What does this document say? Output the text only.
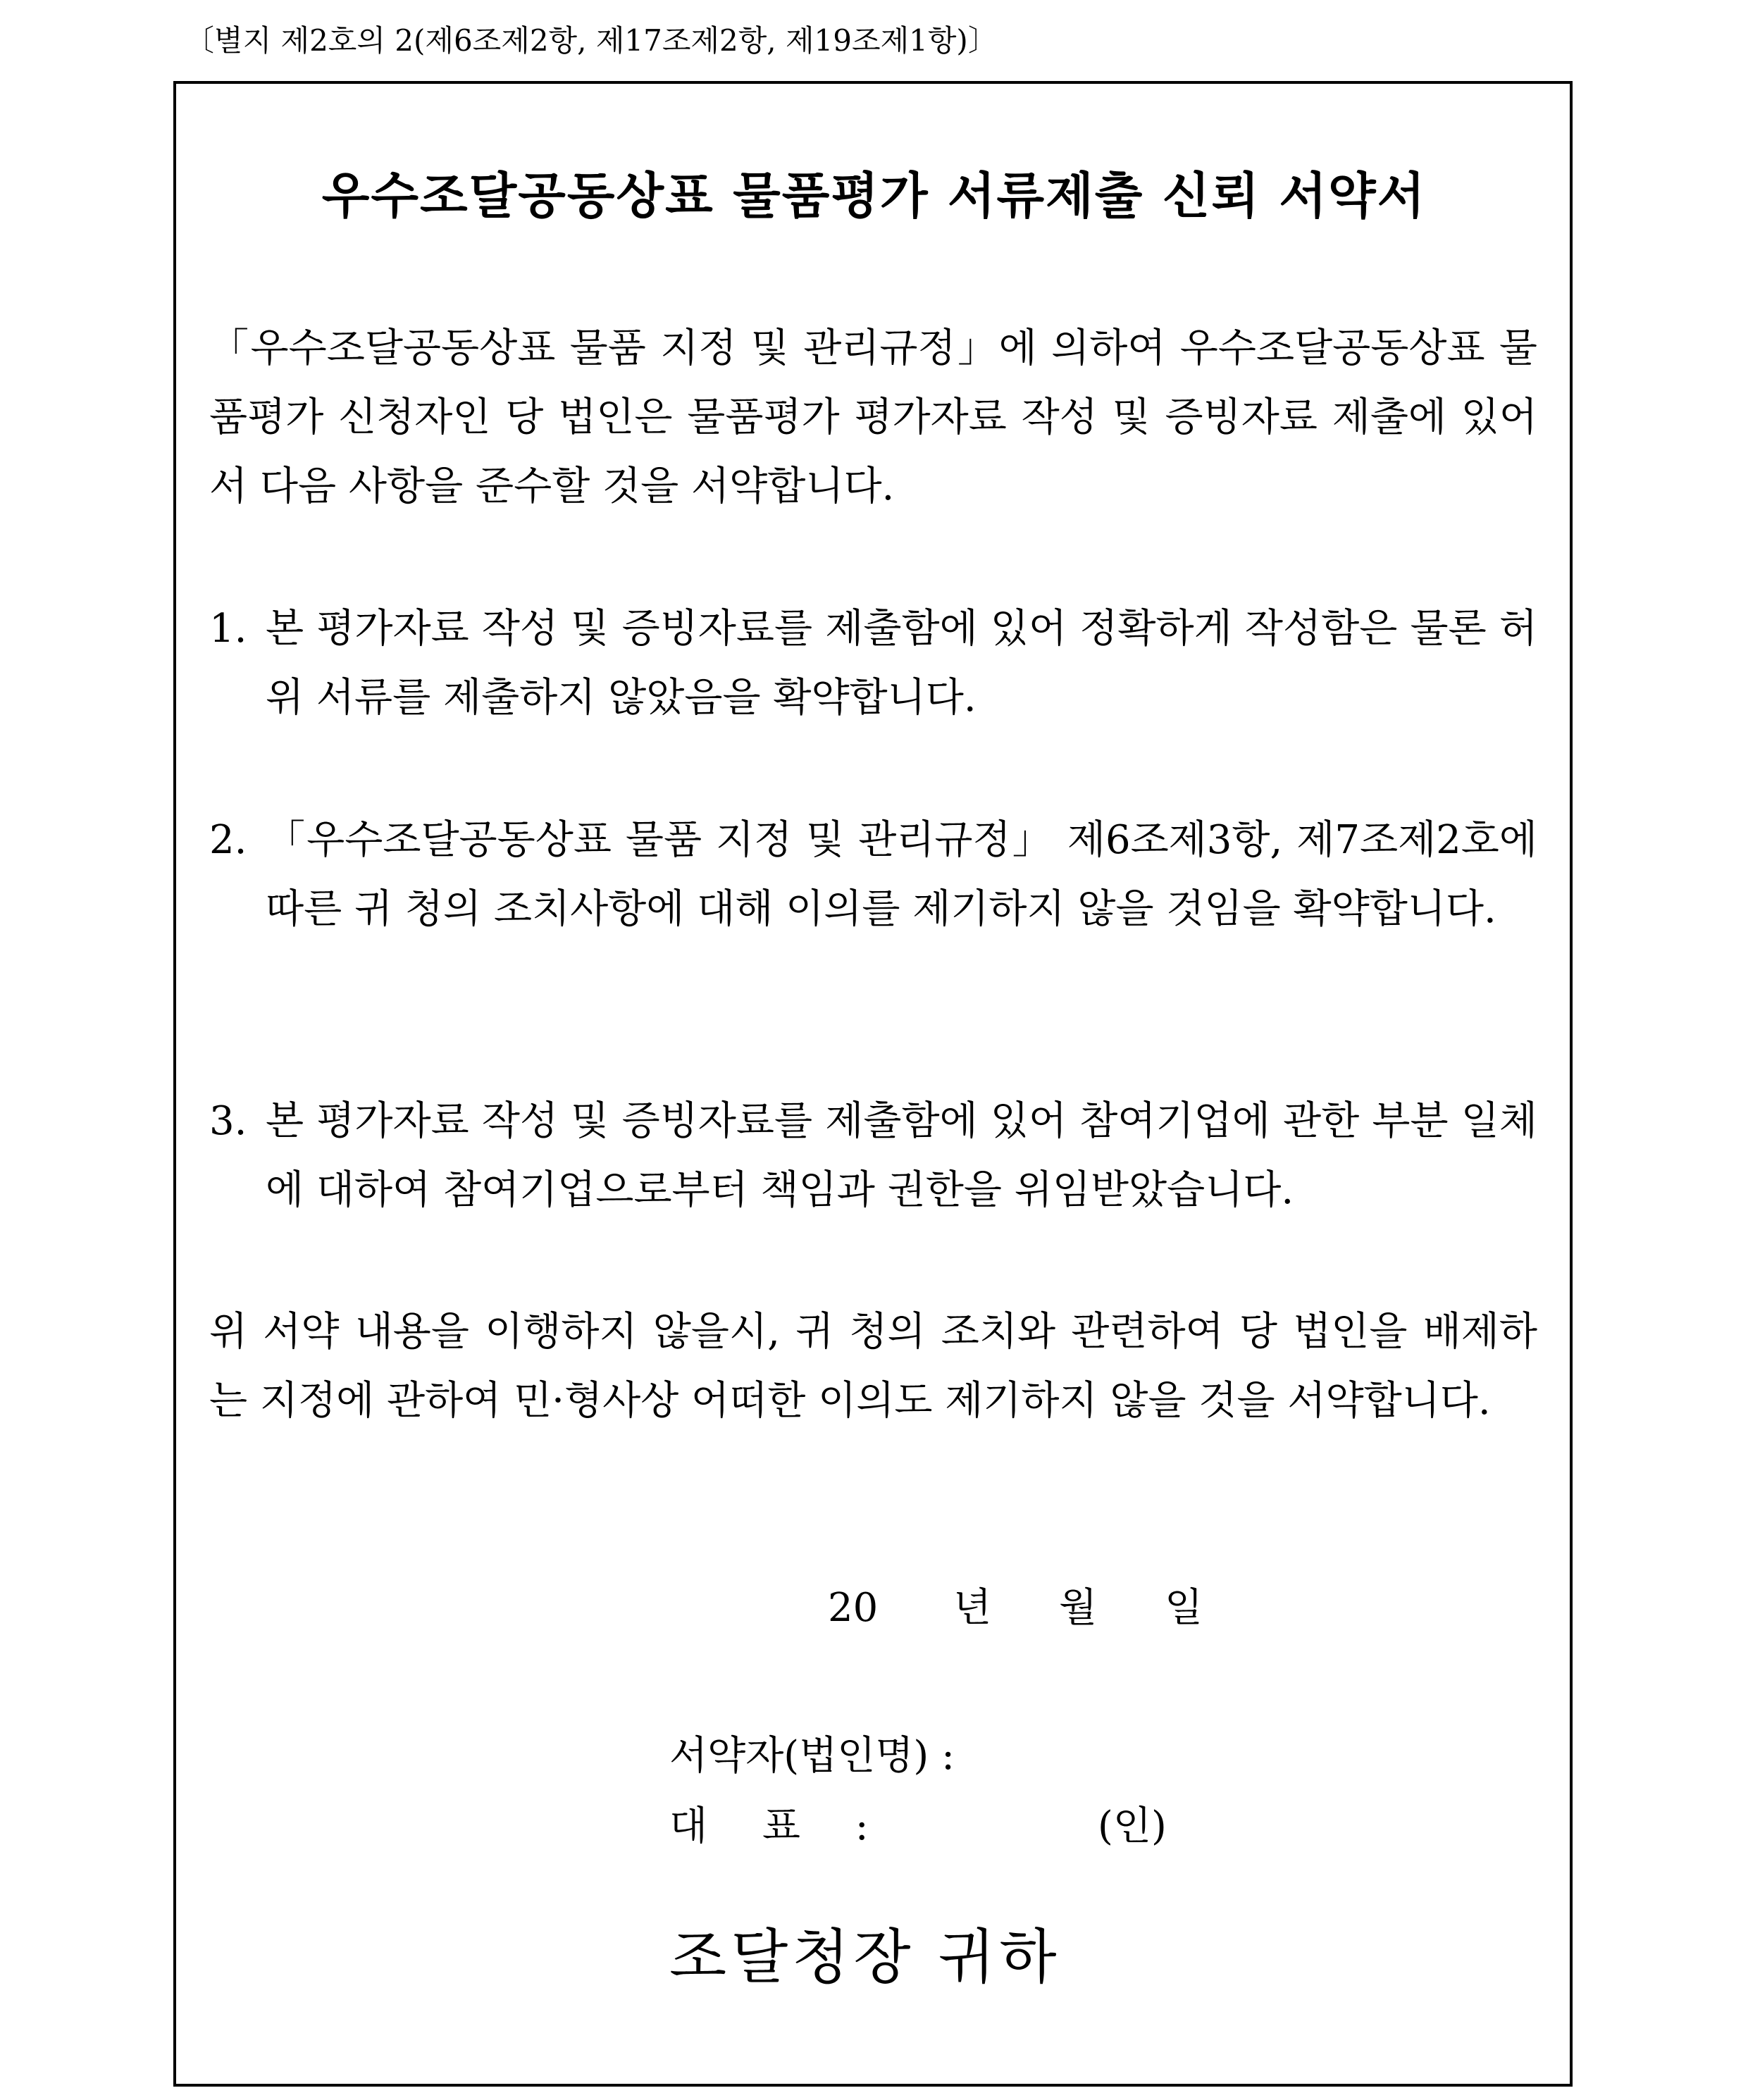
〔별지 제2호의 2(제6조제2항, 제17조제2항, 제19조제1항)〕
우수조달공동상표 물품평가 서류제출 신뢰 서약서
「우수조달공동상표 물품 지정 및 관리규정」에 의하여 우수조달공동상표 물품평가 신청자인 당 법인은 물품평가 평가자료 작성 및 증빙자료 제출에 있어서 다음 사항을 준수할 것을 서약합니다.
1. 본 평가자료 작성 및 증빙자료를 제출함에 있어 정확하게 작성함은 물론 허위 서류를 제출하지 않았음을 확약합니다.
2. 「우수조달공동상표 물품 지정 및 관리규정」 제6조제3항, 제7조제2호에 따른 귀 청의 조치사항에 대해 이의를 제기하지 않을 것임을 확약합니다.
3. 본 평가자료 작성 및 증빙자료를 제출함에 있어 참여기업에 관한 부분 일체에 대하여 참여기업으로부터 책임과 권한을 위임받았습니다.
위 서약 내용을 이행하지 않을시, 귀 청의 조치와 관련하여 당 법인을 배제하는 지정에 관하여 민·형사상 어떠한 이의도 제기하지 않을 것을 서약합니다.
20 년 월 일
서약자(법인명) :
대 표 :	(인)
조달청장 귀하
